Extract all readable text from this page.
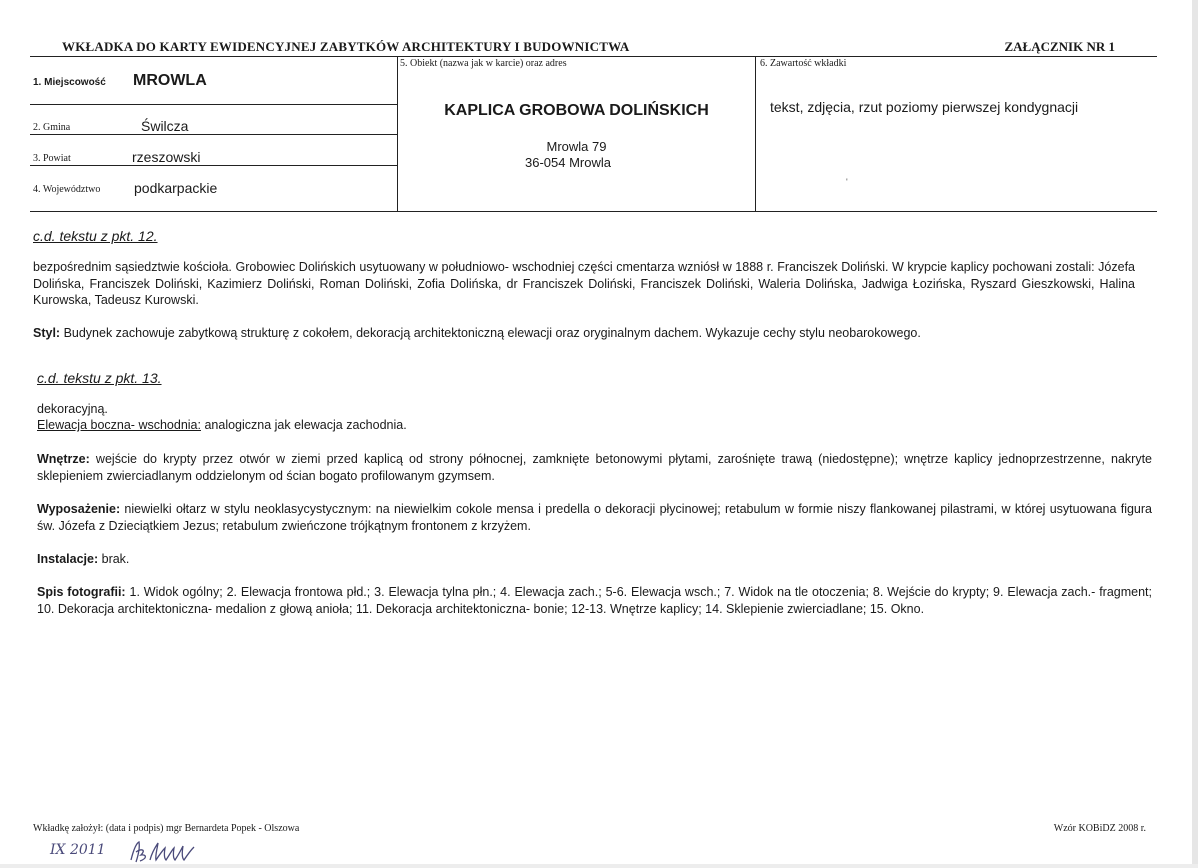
WKŁADKA DO KARTY EWIDENCYJNEJ ZABYTKÓW ARCHITEKTURY I BUDOWNICTWA	ZAŁĄCZNIK NR 1
1. Miejscowość MROWLA
2. Gmina	Świlcza
3. Powiat	rzeszowski
4. Województwo podkarpackie
5. Obiekt (nazwa jak w karcie) oraz adres
KAPLICA GROBOWA DOLIŃSKICH
Mrowla 79
36-054 Mrowla
6. Zawartość wkładki
tekst, zdjęcia, rzut poziomy pierwszej kondygnacji
'
c.d. tekstu z pkt. 12.
bezpośrednim sąsiedztwie kościoła. Grobowiec Dolińskich usytuowany w południowo- wschodniej części cmentarza wzniósł w 1888 r. Franciszek Doliński. W krypcie kaplicy pochowani zostali: Józefa Dolińska, Franciszek Doliński, Kazimierz Doliński, Roman Doliński, Zofia Dolińska, dr Franciszek Doliński, Franciszek Doliński, Waleria Dolińska, Jadwiga Łozińska, Ryszard Gieszkowski, Halina Kurowska, Tadeusz Kurowski.
Styl: Budynek zachowuje zabytkową strukturę z cokołem, dekoracją architektoniczną elewacji oraz oryginalnym dachem. Wykazuje cechy stylu neobarokowego.
c.d. tekstu z pkt. 13.
dekoracyjną.
Elewacja boczna- wschodnia: analogiczna jak elewacja zachodnia.
Wnętrze: wejście do krypty przez otwór w ziemi przed kaplicą od strony północnej, zamknięte betonowymi płytami, zarośnięte trawą (niedostępne); wnętrze kaplicy jednoprzestrzenne, nakryte sklepieniem zwierciadlanym oddzielonym od ścian bogato profilowanym gzymsem.
Wyposażenie: niewielki ołtarz w stylu neoklasycystycznym: na niewielkim cokole mensa i predella o dekoracji płycinowej; retabulum w formie niszy flankowanej pilastrami, w której usytuowana figura św. Józefa z Dzieciątkiem Jezus; retabulum zwieńczone trójkątnym frontonem z krzyżem.
Instalacje: brak.
Spis fotografii: 1. Widok ogólny; 2. Elewacja frontowa płd.; 3. Elewacja tylna płn.; 4. Elewacja zach.; 5-6. Elewacja wsch.; 7. Widok na tle otoczenia; 8. Wejście do krypty; 9. Elewacja zach.- fragment; 10. Dekoracja architektoniczna- medalion z głową anioła; 11. Dekoracja architektoniczna- bonie; 12-13. Wnętrze kaplicy; 14. Sklepienie zwierciadlane; 15. Okno.
Wkładkę założył: (data i podpis) mgr Bernardeta Popek - Olszowa	Wzór KOBiDZ 2008 r.
IX 2011
